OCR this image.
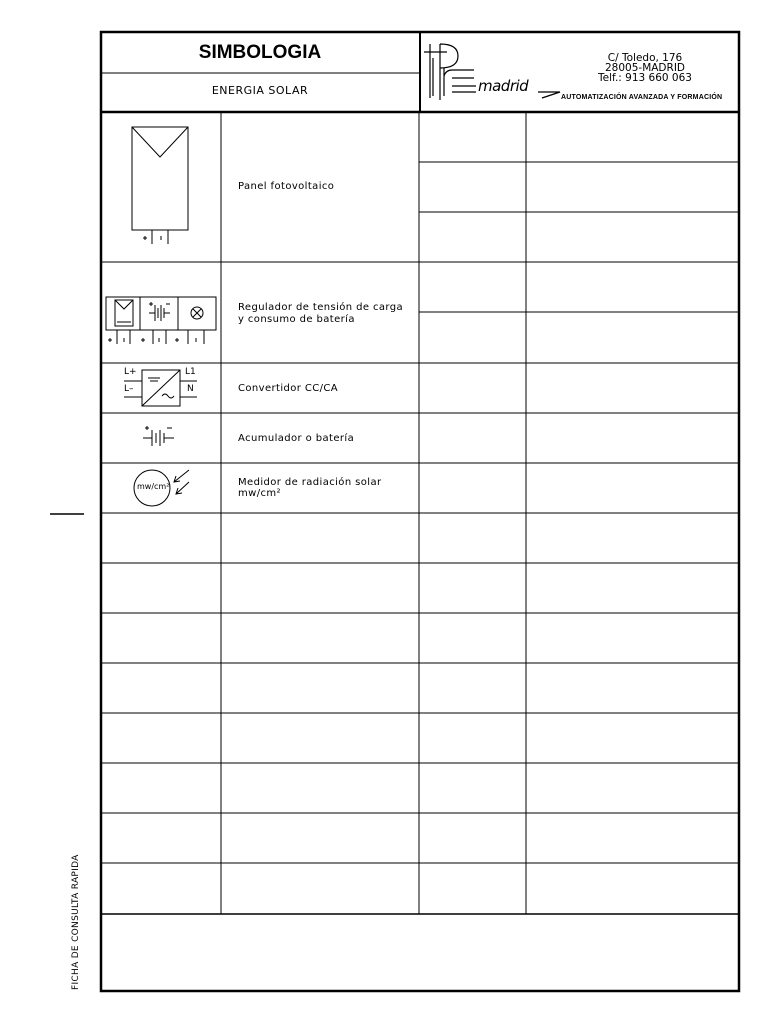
SIMBOLOGIA
ENERGIA SOLAR	madrid
C/ Toledo, 176
28005-MADRID
Telf.: 913 660 063
AUTOMATIZACIÓN AVANZADA Y FORMACIÓN
Panel fotovoltaico
Regulador de tensión de carga
y consumo de batería
Convertidor CC/CA
Acumulador o batería
Medidor de radiación solar
mw/cm²
L+
L–
L1
N
mw/cm²
FICHA DE CONSULTA RAPIDA
